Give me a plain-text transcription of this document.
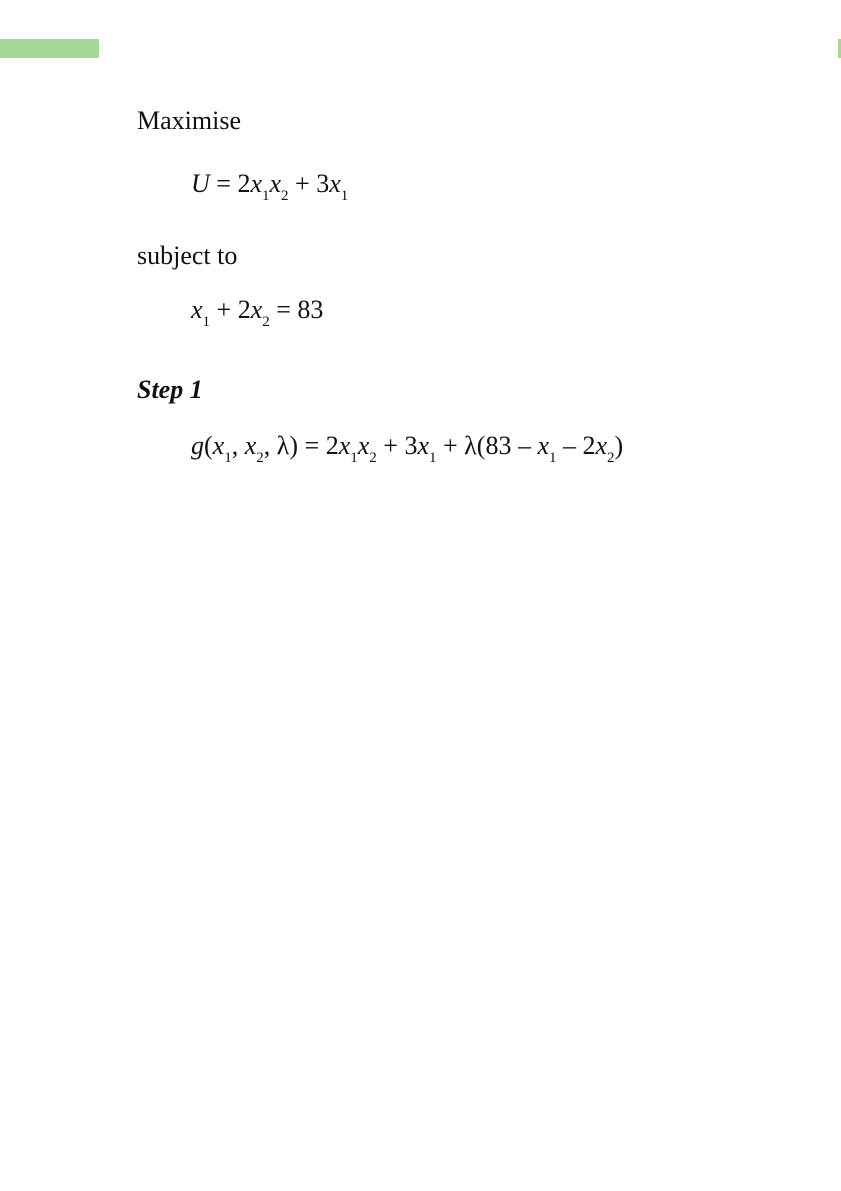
Maximise
$U = 2x_1x_2 + 3x_1$
subject to
$x_1 + 2x_2 = 83$
Step 1
$g(x_1$, $x_2$, $\lambda) = 2x_1x_2 + 3x_1 + \lambda(83 - x_1 - 2x_2)$
